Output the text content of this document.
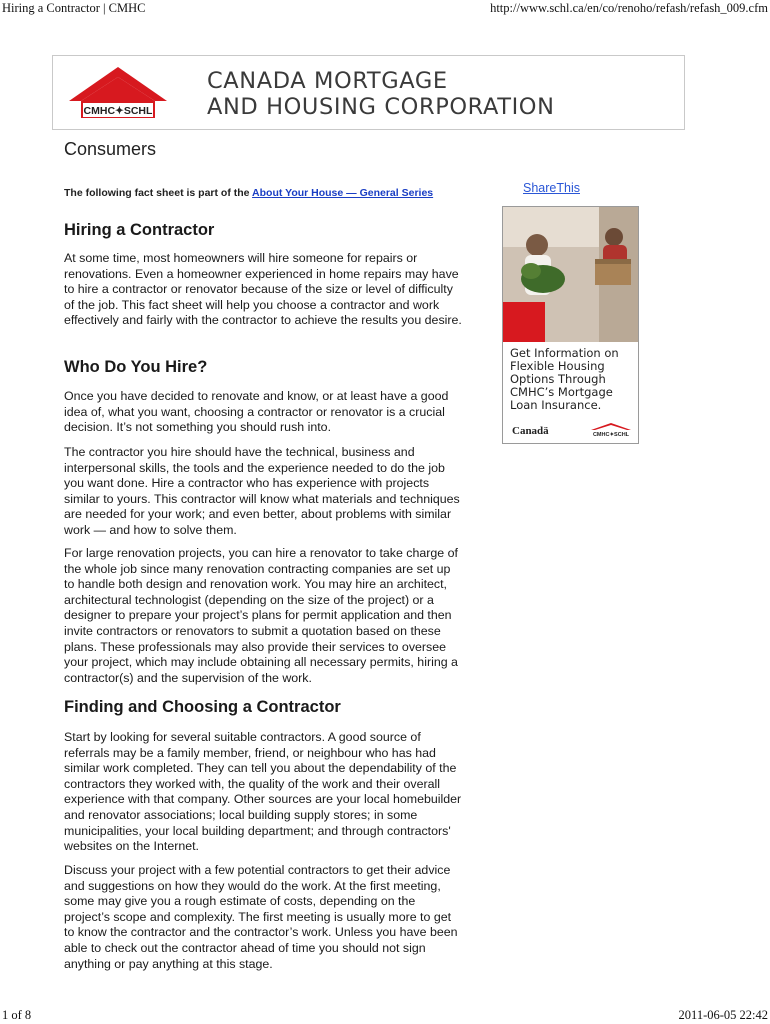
Hiring a Contractor | CMHC	http://www.schl.ca/en/co/renoho/refash/refash_009.cfm
CMHC✦SCHL
CANADA MORTGAGE
AND HOUSING CORPORATION
Consumers
The following fact sheet is part of the About Your House — General Series	ShareThis
Get Information on Flexible Housing Options Through CMHC’s Mortgage Loan Insurance.
Canadä	CMHC✦SCHL
Hiring a Contractor

At some time, most homeowners will hire someone for repairs or renovations. Even a homeowner experienced in home repairs may have to hire a contractor or renovator because of the size or level of difficulty of the job. This fact sheet will help you choose a contractor and work effectively and fairly with the contractor to achieve the results you desire.

Who Do You Hire?

Once you have decided to renovate and know, or at least have a good idea of, what you want, choosing a contractor or renovator is a crucial decision. It’s not something you should rush into.

The contractor you hire should have the technical, business and interpersonal skills, the tools and the experience needed to do the job you want done. Hire a contractor who has experience with projects similar to yours. This contractor will know what materials and techniques are needed for your work; and even better, about problems with similar work — and how to solve them.

For large renovation projects, you can hire a renovator to take charge of the whole job since many renovation contracting companies are set up to handle both design and renovation work. You may hire an architect, architectural technologist (depending on the size of the project) or a designer to prepare your project’s plans for permit application and then invite contractors or renovators to submit a quotation based on these plans. These professionals may also provide their services to oversee your project, which may include obtaining all necessary permits, hiring a contractor(s) and the supervision of the work.

Finding and Choosing a Contractor

Start by looking for several suitable contractors. A good source of referrals may be a family member, friend, or neighbour who has had similar work completed. They can tell you about the dependability of the contractors they worked with, the quality of the work and their overall experience with that company. Other sources are your local homebuilder and renovator associations; local building supply stores; in some municipalities, your local building department; and through contractors' websites on the Internet.

Discuss your project with a few potential contractors to get their advice and suggestions on how they would do the work. At the first meeting, some may give you a rough estimate of costs, depending on the project’s scope and complexity. The first meeting is usually more to get to know the contractor and the contractor’s work. Unless you have been able to check out the contractor ahead of time you should not sign anything or pay anything at this stage.

1 of 8	2011-06-05 22:42
